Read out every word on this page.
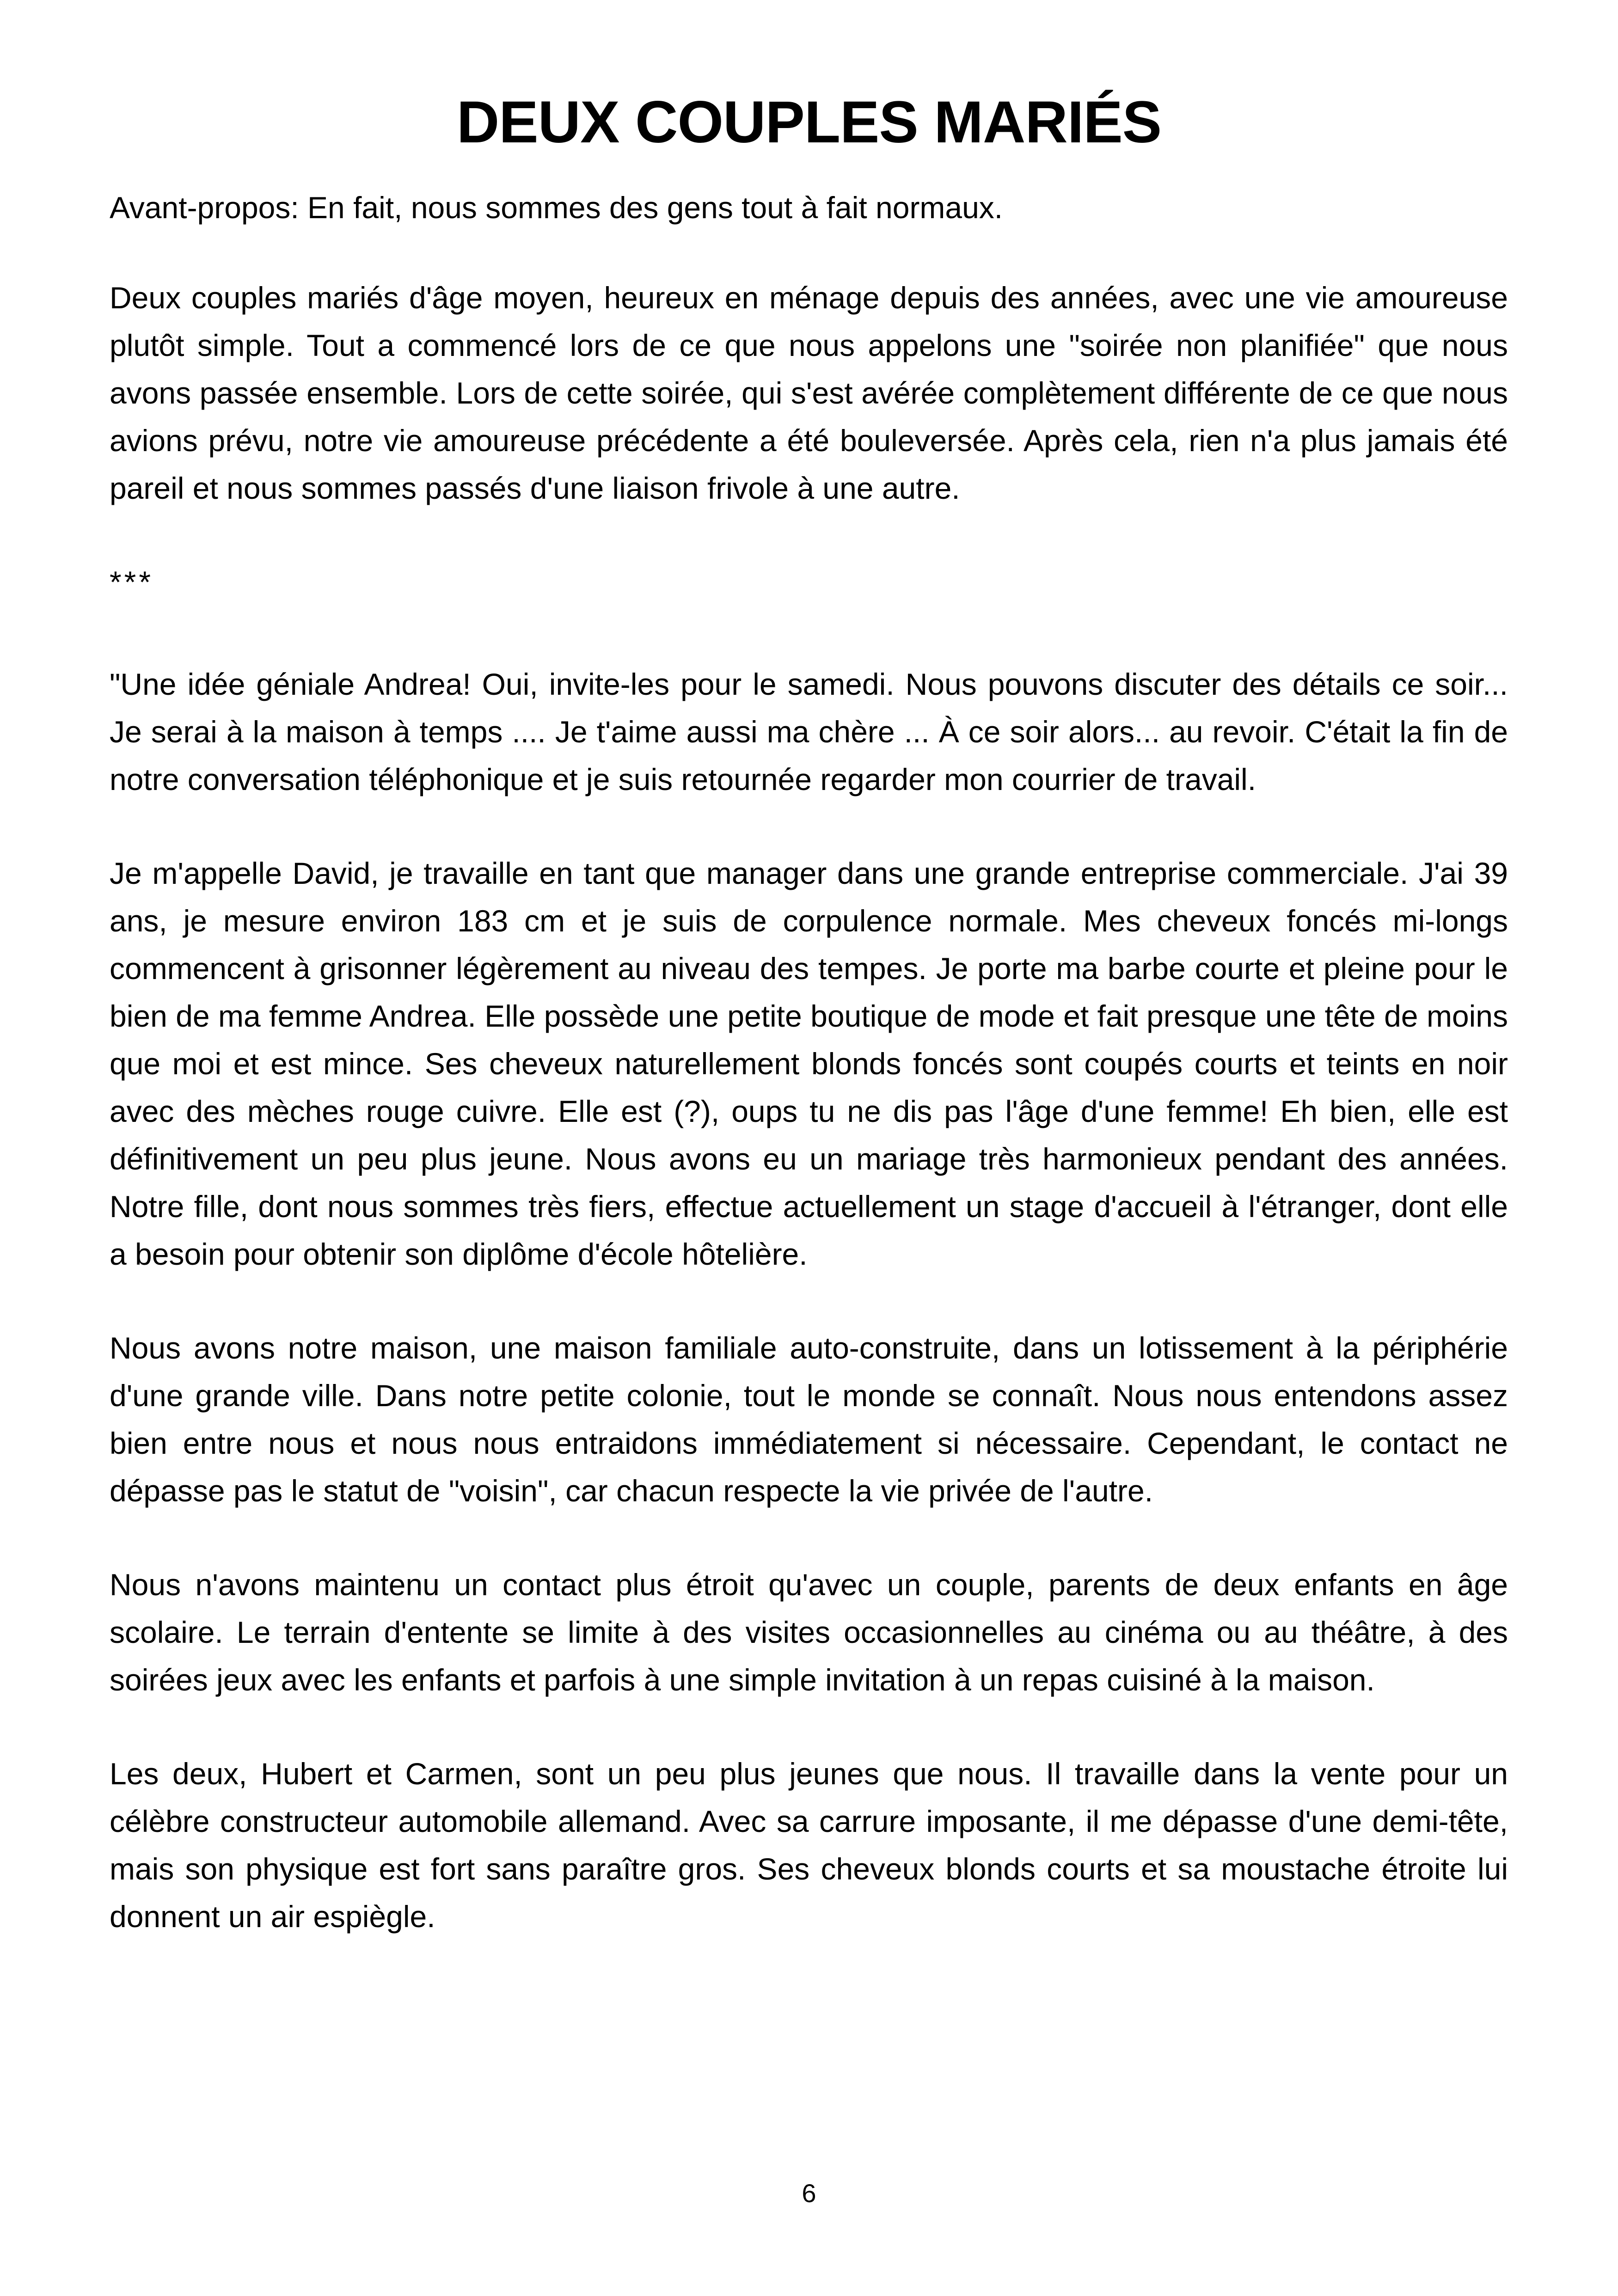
DEUX COUPLES MARIÉS

Avant-propos: En fait, nous sommes des gens tout à fait normaux.

Deux couples mariés d'âge moyen, heureux en ménage depuis des années, avec une vie amoureuse plutôt simple. Tout a commencé lors de ce que nous appelons une "soirée non planifiée" que nous avons passée ensemble. Lors de cette soirée, qui s'est avérée complètement différente de ce que nous avions prévu, notre vie amoureuse précédente a été bouleversée. Après cela, rien n'a plus jamais été pareil et nous sommes passés d'une liaison frivole à une autre.

***

"Une idée géniale Andrea! Oui, invite-les pour le samedi. Nous pouvons discuter des détails ce soir... Je serai à la maison à temps .... Je t'aime aussi ma chère ... À ce soir alors... au revoir. C'était la fin de notre conversation téléphonique et je suis retournée regarder mon courrier de travail.

Je m'appelle David, je travaille en tant que manager dans une grande entreprise commerciale. J'ai 39 ans, je mesure environ 183 cm et je suis de corpulence normale. Mes cheveux foncés mi-longs commencent à grisonner légèrement au niveau des tempes. Je porte ma barbe courte et pleine pour le bien de ma femme Andrea. Elle possède une petite boutique de mode et fait presque une tête de moins que moi et est mince. Ses cheveux naturellement blonds foncés sont coupés courts et teints en noir avec des mèches rouge cuivre. Elle est (?), oups tu ne dis pas l'âge d'une femme! Eh bien, elle est définitivement un peu plus jeune. Nous avons eu un mariage très harmonieux pendant des années. Notre fille, dont nous sommes très fiers, effectue actuellement un stage d'accueil à l'étranger, dont elle a besoin pour obtenir son diplôme d'école hôtelière.

Nous avons notre maison, une maison familiale auto-construite, dans un lotissement à la périphérie d'une grande ville. Dans notre petite colonie, tout le monde se connaît. Nous nous entendons assez bien entre nous et nous nous entraidons immédiatement si nécessaire. Cependant, le contact ne dépasse pas le statut de "voisin", car chacun respecte la vie privée de l'autre.

Nous n'avons maintenu un contact plus étroit qu'avec un couple, parents de deux enfants en âge scolaire. Le terrain d'entente se limite à des visites occasionnelles au cinéma ou au théâtre, à des soirées jeux avec les enfants et parfois à une simple invitation à un repas cuisiné à la maison.

Les deux, Hubert et Carmen, sont un peu plus jeunes que nous. Il travaille dans la vente pour un célèbre constructeur automobile allemand. Avec sa carrure imposante, il me dépasse d'une demi-tête, mais son physique est fort sans paraître gros. Ses cheveux blonds courts et sa moustache étroite lui donnent un air espiègle.

6
